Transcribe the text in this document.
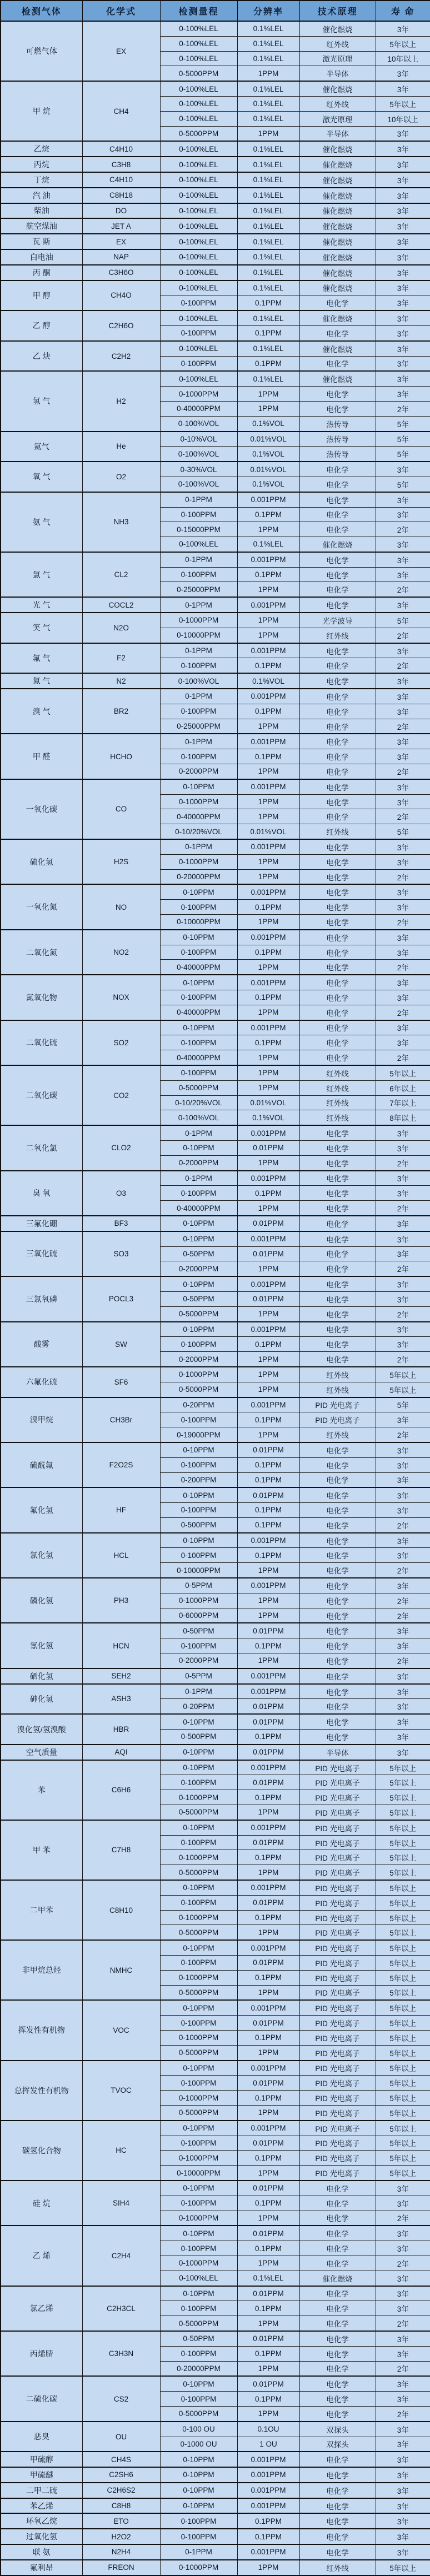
检测气体	化学式	检测量程	分辨率	技术原理	寿 命
可燃气体	EX	0-100%LEL	0.1%LEL	催化燃烧	3年
		0-100%LEL	0.1%LEL	红外线	5年以上
		0-100%LEL	0.1%LEL	激光原理	10年以上
		0-5000PPM	1PPM	半导体	3年
甲 烷	CH4	0-100%LEL	0.1%LEL	催化燃烧	3年
		0-100%LEL	0.1%LEL	红外线	5年以上
		0-100%LEL	0.1%LEL	激光原理	10年以上
		0-5000PPM	1PPM	半导体	3年
乙烷	C4H10	0-100%LEL	0.1%LEL	催化燃烧	3年
丙烷	C3H8	0-100%LEL	0.1%LEL	催化燃烧	3年
丁烷	C4H10	0-100%LEL	0.1%LEL	催化燃烧	3年
汽 油	C8H18	0-100%LEL	0.1%LEL	催化燃烧	3年
柴油	DO	0-100%LEL	0.1%LEL	催化燃烧	3年
航空煤油	JET A	0-100%LEL	0.1%LEL	催化燃烧	3年
瓦 斯	EX	0-100%LEL	0.1%LEL	催化燃烧	3年
白电油	NAP	0-100%LEL	0.1%LEL	催化燃烧	3年
丙 酮	C3H6O	0-100%LEL	0.1%LEL	催化燃烧	3年
甲 醇	CH4O	0-100%LEL	0.1%LEL	催化燃烧	3年
		0-100PPM	0.1PPM	电化学	3年
乙 醇	C2H6O	0-100%LEL	0.1%LEL	催化燃烧	3年
		0-100PPM	0.1PPM	电化学	3年
乙 炔	C2H2	0-100%LEL	0.1%LEL	催化燃烧	3年
		0-100PPM	0.1PPM	电化学	3年
氢 气	H2	0-100%LEL	0.1%LEL	催化燃烧	3年
		0-1000PPM	1PPM	电化学	3年
		0-40000PPM	1PPM	电化学	2年
		0-100%VOL	0.1%VOL	热传导	5年
氦气	He	0-10%VOL	0.01%VOL	热传导	5年
		0-100%VOL	0.1%VOL	热传导	5年
氧 气	O2	0-30%VOL	0.01%VOL	电化学	3年
		0-100%VOL	0.1%VOL	电化学	5年
氨 气	NH3	0-1PPM	0.001PPM	电化学	3年
		0-100PPM	0.1PPM	电化学	3年
		0-15000PPM	1PPM	电化学	2年
		0-100%LEL	0.1%LEL	催化燃烧	3年
氯 气	CL2	0-1PPM	0.001PPM	电化学	3年
		0-100PPM	0.1PPM	电化学	3年
		0-25000PPM	1PPM	电化学	2年
光 气	COCL2	0-1PPM	0.001PPM	电化学	3年
笑 气	N2O	0-1000PPM	1PPM	光学波导	5年
		0-10000PPM	1PPM	红外线	2年
氟 气	F2	0-1PPM	0.001PPM	电化学	3年
		0-100PPM	0.1PPM	电化学	2年
氮 气	N2	0-100%VOL	0.1%VOL	电化学	3年
溴 气	BR2	0-1PPM	0.001PPM	电化学	3年
		0-100PPM	0.1PPM	电化学	3年
		0-25000PPM	1PPM	电化学	2年
甲 醛	HCHO	0-1PPM	0.001PPM	电化学	3年
		0-100PPM	0.1PPM	电化学	3年
		0-2000PPM	1PPM	电化学	2年
一氧化碳	CO	0-10PPM	0.001PPM	电化学	3年
		0-1000PPM	1PPM	电化学	3年
		0-40000PPM	1PPM	电化学	2年
		0-10/20%VOL	0.01%VOL	红外线	5年
硫化氢	H2S	0-1PPM	0.001PPM	电化学	3年
		0-1000PPM	1PPM	电化学	3年
		0-20000PPM	1PPM	电化学	2年
一氧化氮	NO	0-10PPM	0.001PPM	电化学	3年
		0-100PPM	0.1PPM	电化学	3年
		0-10000PPM	1PPM	电化学	2年
二氧化氮	NO2	0-10PPM	0.001PPM	电化学	3年
		0-100PPM	0.1PPM	电化学	3年
		0-40000PPM	1PPM	电化学	2年
氮氧化物	NOX	0-10PPM	0.001PPM	电化学	3年
		0-100PPM	0.1PPM	电化学	3年
		0-40000PPM	1PPM	电化学	2年
二氧化硫	SO2	0-10PPM	0.001PPM	电化学	3年
		0-100PPM	0.1PPM	电化学	3年
		0-40000PPM	1PPM	电化学	2年
二氧化碳	CO2	0-100PPM	1PPM	红外线	5年以上
		0-5000PPM	1PPM	红外线	6年以上
		0-10/20%VOL	0.01%VOL	红外线	7年以上
		0-100%VOL	0.1%VOL	红外线	8年以上
二氧化氯	CLO2	0-1PPM	0.001PPM	电化学	3年
		0-10PPM	0.01PPM	电化学	3年
		0-2000PPM	1PPM	电化学	2年
臭 氧	O3	0-1PPM	0.001PPM	电化学	3年
		0-100PPM	0.1PPM	电化学	3年
		0-40000PPM	1PPM	电化学	2年
三氟化硼	BF3	0-10PPM	0.01PPM	电化学	3年
三氧化硫	SO3	0-10PPM	0.001PPM	电化学	3年
		0-50PPM	0.01PPM	电化学	3年
		0-2000PPM	1PPM	电化学	2年
三氯氧磷	POCL3	0-10PPM	0.001PPM	电化学	3年
		0-50PPM	0.01PPM	电化学	3年
		0-5000PPM	1PPM	电化学	2年
酸雾	SW	0-10PPM	0.001PPM	电化学	3年
		0-100PPM	0.1PPM	电化学	3年
		0-2000PPM	1PPM	电化学	2年
六氟化硫	SF6	0-1000PPM	1PPM	红外线	5年以上
		0-5000PPM	1PPM	红外线	5年以上
溴甲烷	CH3Br	0-20PPM	0.001PPM	PID 光电离子	5年
		0-100PPM	0.1PPM	PID 光电离子	3年
		0-19000PPM	1PPM	红外线	2年
硫酰氟	F2O2S	0-10PPM	0.01PPM	电化学	3年
		0-100PPM	0.1PPM	电化学	3年
		0-200PPM	0.1PPM	电化学	3年
氟化氢	HF	0-10PPM	0.01PPM	电化学	3年
		0-100PPM	0.1PPM	电化学	3年
		0-500PPM	0.1PPM	电化学	2年
氯化氢	HCL	0-10PPM	0.001PPM	电化学	3年
		0-100PPM	0.1PPM	电化学	3年
		0-10000PPM	1PPM	电化学	2年
磷化氢	PH3	0-5PPM	0.001PPM	电化学	3年
		0-1000PPM	1PPM	电化学	2年
		0-6000PPM	1PPM	电化学	2年
氰化氢	HCN	0-50PPM	0.01PPM	电化学	3年
		0-100PPM	0.1PPM	电化学	3年
		0-2000PPM	1PPM	电化学	2年
硒化氢	SEH2	0-5PPM	0.001PPM	电化学	3年
砷化氢	ASH3	0-1PPM	0.001PPM	电化学	3年
		0-20PPM	0.01PPM	电化学	3年
溴化氢/氢溴酸	HBR	0-10PPM	0.01PPM	电化学	3年
		0-500PPM	0.1PPM	电化学	3年
空气质量	AQI	0-10PPM	0.01PPM	半导体	3年
苯	C6H6	0-10PPM	0.001PPM	PID 光电离子	5年以上
		0-100PPM	0.01PPM	PID 光电离子	5年以上
		0-1000PPM	0.1PPM	PID 光电离子	5年以上
		0-5000PPM	1PPM	PID 光电离子	5年以上
甲 苯	C7H8	0-10PPM	0.001PPM	PID 光电离子	5年以上
		0-100PPM	0.01PPM	PID 光电离子	5年以上
		0-1000PPM	0.1PPM	PID 光电离子	5年以上
		0-5000PPM	1PPM	PID 光电离子	5年以上
二甲苯	C8H10	0-10PPM	0.001PPM	PID 光电离子	5年以上
		0-100PPM	0.01PPM	PID 光电离子	5年以上
		0-1000PPM	0.1PPM	PID 光电离子	5年以上
		0-5000PPM	1PPM	PID 光电离子	5年以上
非甲烷总烃	NMHC	0-10PPM	0.001PPM	PID 光电离子	5年以上
		0-100PPM	0.01PPM	PID 光电离子	5年以上
		0-1000PPM	0.1PPM	PID 光电离子	5年以上
		0-5000PPM	1PPM	PID 光电离子	5年以上
挥发性有机物	VOC	0-10PPM	0.001PPM	PID 光电离子	5年以上
		0-100PPM	0.01PPM	PID 光电离子	5年以上
		0-1000PPM	0.1PPM	PID 光电离子	5年以上
		0-5000PPM	1PPM	PID 光电离子	5年以上
总挥发性有机物	TVOC	0-10PPM	0.001PPM	PID 光电离子	5年以上
		0-100PPM	0.01PPM	PID 光电离子	5年以上
		0-1000PPM	0.1PPM	PID 光电离子	5年以上
		0-5000PPM	1PPM	PID 光电离子	5年以上
碳氢化合物	HC	0-10PPM	0.001PPM	PID 光电离子	5年以上
		0-100PPM	0.01PPM	PID 光电离子	5年以上
		0-1000PPM	0.1PPM	PID 光电离子	5年以上
		0-10000PPM	1PPM	PID 光电离子	5年以上
硅 烷	SIH4	0-10PPM	0.01PPM	电化学	3年
		0-100PPM	0.1PPM	电化学	3年
		0-1000PPM	1PPM	电化学	2年
乙 烯	C2H4	0-10PPM	0.01PPM	电化学	3年
		0-100PPM	0.1PPM	电化学	3年
		0-1000PPM	1PPM	电化学	2年
		0-100%LEL	0.1%LEL	催化燃烧	3年
氯乙烯	C2H3CL	0-10PPM	0.01PPM	电化学	3年
		0-100PPM	0.1PPM	电化学	3年
		0-5000PPM	1PPM	电化学	2年
丙烯腈	C3H3N	0-50PPM	0.01PPM	电化学	3年
		0-100PPM	0.1PPM	电化学	3年
		0-20000PPM	1PPM	电化学	2年
二硫化碳	CS2	0-10PPM	0.01PPM	电化学	3年
		0-100PPM	0.1PPM	电化学	3年
		0-5000PPM	1PPM	电化学	2年
恶臭	OU	0-100 OU	0.1OU	双探头	3年
		0-1000 OU	1 OU	双探头	3年
甲硫醇	CH4S	0-10PPM	0.001PPM	电化学	3年
甲硫醚	C2SH6	0-10PPM	0.001PPM	电化学	3年
二甲二硫	C2H6S2	0-10PPM	0.001PPM	电化学	3年
苯乙烯	C8H8	0-10PPM	0.001PPM	电化学	3年
环氧乙烷	ETO	0-100PPM	0.1PPM	电化学	3年
过氧化氢	H2O2	0-100PPM	0.1PPM	电化学	3年
联 氨	N2H4	0-1PPM	0.001PPM	电化学	3年
氟利昂	FREON	0-1000PPM	1PPM	红外线	5年以上
